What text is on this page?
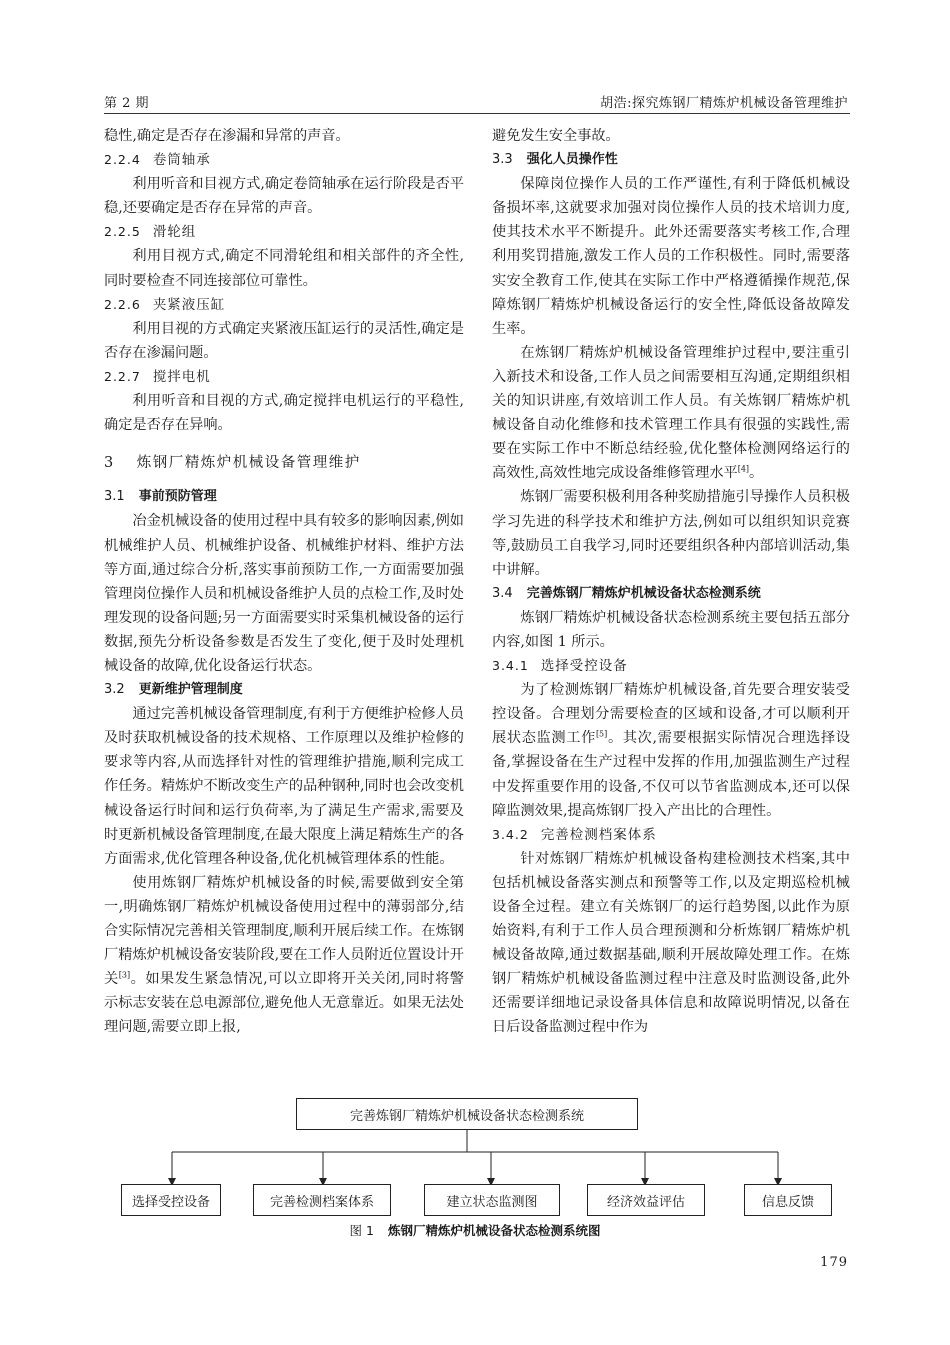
第 2 期	胡浩:探究炼钢厂精炼炉机械设备管理维护

稳性,确定是否存在渗漏和异常的声音。

2.2.4 卷筒轴承

利用听音和目视方式,确定卷筒轴承在运行阶段是否平稳,还要确定是否存在异常的声音。

2.2.5 滑轮组

利用目视方式,确定不同滑轮组和相关部件的齐全性,同时要检查不同连接部位可靠性。

2.2.6 夹紧液压缸

利用目视的方式确定夹紧液压缸运行的灵活性,确定是否存在渗漏问题。

2.2.7 搅拌电机

利用听音和目视的方式,确定搅拌电机运行的平稳性,确定是否存在异响。

3 炼钢厂精炼炉机械设备管理维护
3.1 事前预防管理

冶金机械设备的使用过程中具有较多的影响因素,例如机械维护人员、机械维护设备、机械维护材料、维护方法等方面,通过综合分析,落实事前预防工作,一方面需要加强管理岗位操作人员和机械设备维护人员的点检工作,及时处理发现的设备问题;另一方面需要实时采集机械设备的运行数据,预先分析设备参数是否发生了变化,便于及时处理机械设备的故障,优化设备运行状态。

3.2 更新维护管理制度

通过完善机械设备管理制度,有利于方便维护检修人员及时获取机械设备的技术规格、工作原理以及维护检修的要求等内容,从而选择针对性的管理维护措施,顺利完成工作任务。精炼炉不断改变生产的品种钢种,同时也会改变机械设备运行时间和运行负荷率,为了满足生产需求,需要及时更新机械设备管理制度,在最大限度上满足精炼生产的各方面需求,优化管理各种设备,优化机械管理体系的性能。

使用炼钢厂精炼炉机械设备的时候,需要做到安全第一,明确炼钢厂精炼炉机械设备使用过程中的薄弱部分,结合实际情况完善相关管理制度,顺利开展后续工作。在炼钢厂精炼炉机械设备安装阶段,要在工作人员附近位置设计开关[3]。如果发生紧急情况,可以立即将开关关闭,同时将警示标志安装在总电源部位,避免他人无意靠近。如果无法处理问题,需要立即上报,

避免发生安全事故。

3.3 强化人员操作性

保障岗位操作人员的工作严谨性,有利于降低机械设备损坏率,这就要求加强对岗位操作人员的技术培训力度,使其技术水平不断提升。此外还需要落实考核工作,合理利用奖罚措施,激发工作人员的工作积极性。同时,需要落实安全教育工作,使其在实际工作中严格遵循操作规范,保障炼钢厂精炼炉机械设备运行的安全性,降低设备故障发生率。

在炼钢厂精炼炉机械设备管理维护过程中,要注重引入新技术和设备,工作人员之间需要相互沟通,定期组织相关的知识讲座,有效培训工作人员。有关炼钢厂精炼炉机械设备自动化维修和技术管理工作具有很强的实践性,需要在实际工作中不断总结经验,优化整体检测网络运行的高效性,高效性地完成设备维修管理水平[4]。

炼钢厂需要积极利用各种奖励措施引导操作人员积极学习先进的科学技术和维护方法,例如可以组织知识竞赛等,鼓励员工自我学习,同时还要组织各种内部培训活动,集中讲解。

3.4 完善炼钢厂精炼炉机械设备状态检测系统

炼钢厂精炼炉机械设备状态检测系统主要包括五部分内容,如图 1 所示。

3.4.1 选择受控设备

为了检测炼钢厂精炼炉机械设备,首先要合理安装受控设备。合理划分需要检查的区域和设备,才可以顺利开展状态监测工作[5]。其次,需要根据实际情况合理选择设备,掌握设备在生产过程中发挥的作用,加强监测生产过程中发挥重要作用的设备,不仅可以节省监测成本,还可以保障监测效果,提高炼钢厂投入产出比的合理性。

3.4.2 完善检测档案体系

针对炼钢厂精炼炉机械设备构建检测技术档案,其中包括机械设备落实测点和预警等工作,以及定期巡检机械设备全过程。建立有关炼钢厂的运行趋势图,以此作为原始资料,有利于工作人员合理预测和分析炼钢厂精炼炉机械设备故障,通过数据基础,顺利开展故障处理工作。在炼钢厂精炼炉机械设备监测过程中注意及时监测设备,此外还需要详细地记录设备具体信息和故障说明情况,以备在日后设备监测过程中作为

完善炼钢厂精炼炉机械设备状态检测系统
选择受控设备	完善检测档案体系	建立状态监测图	经济效益评估	信息反馈
图 1 炼钢厂精炼炉机械设备状态检测系统图
179
